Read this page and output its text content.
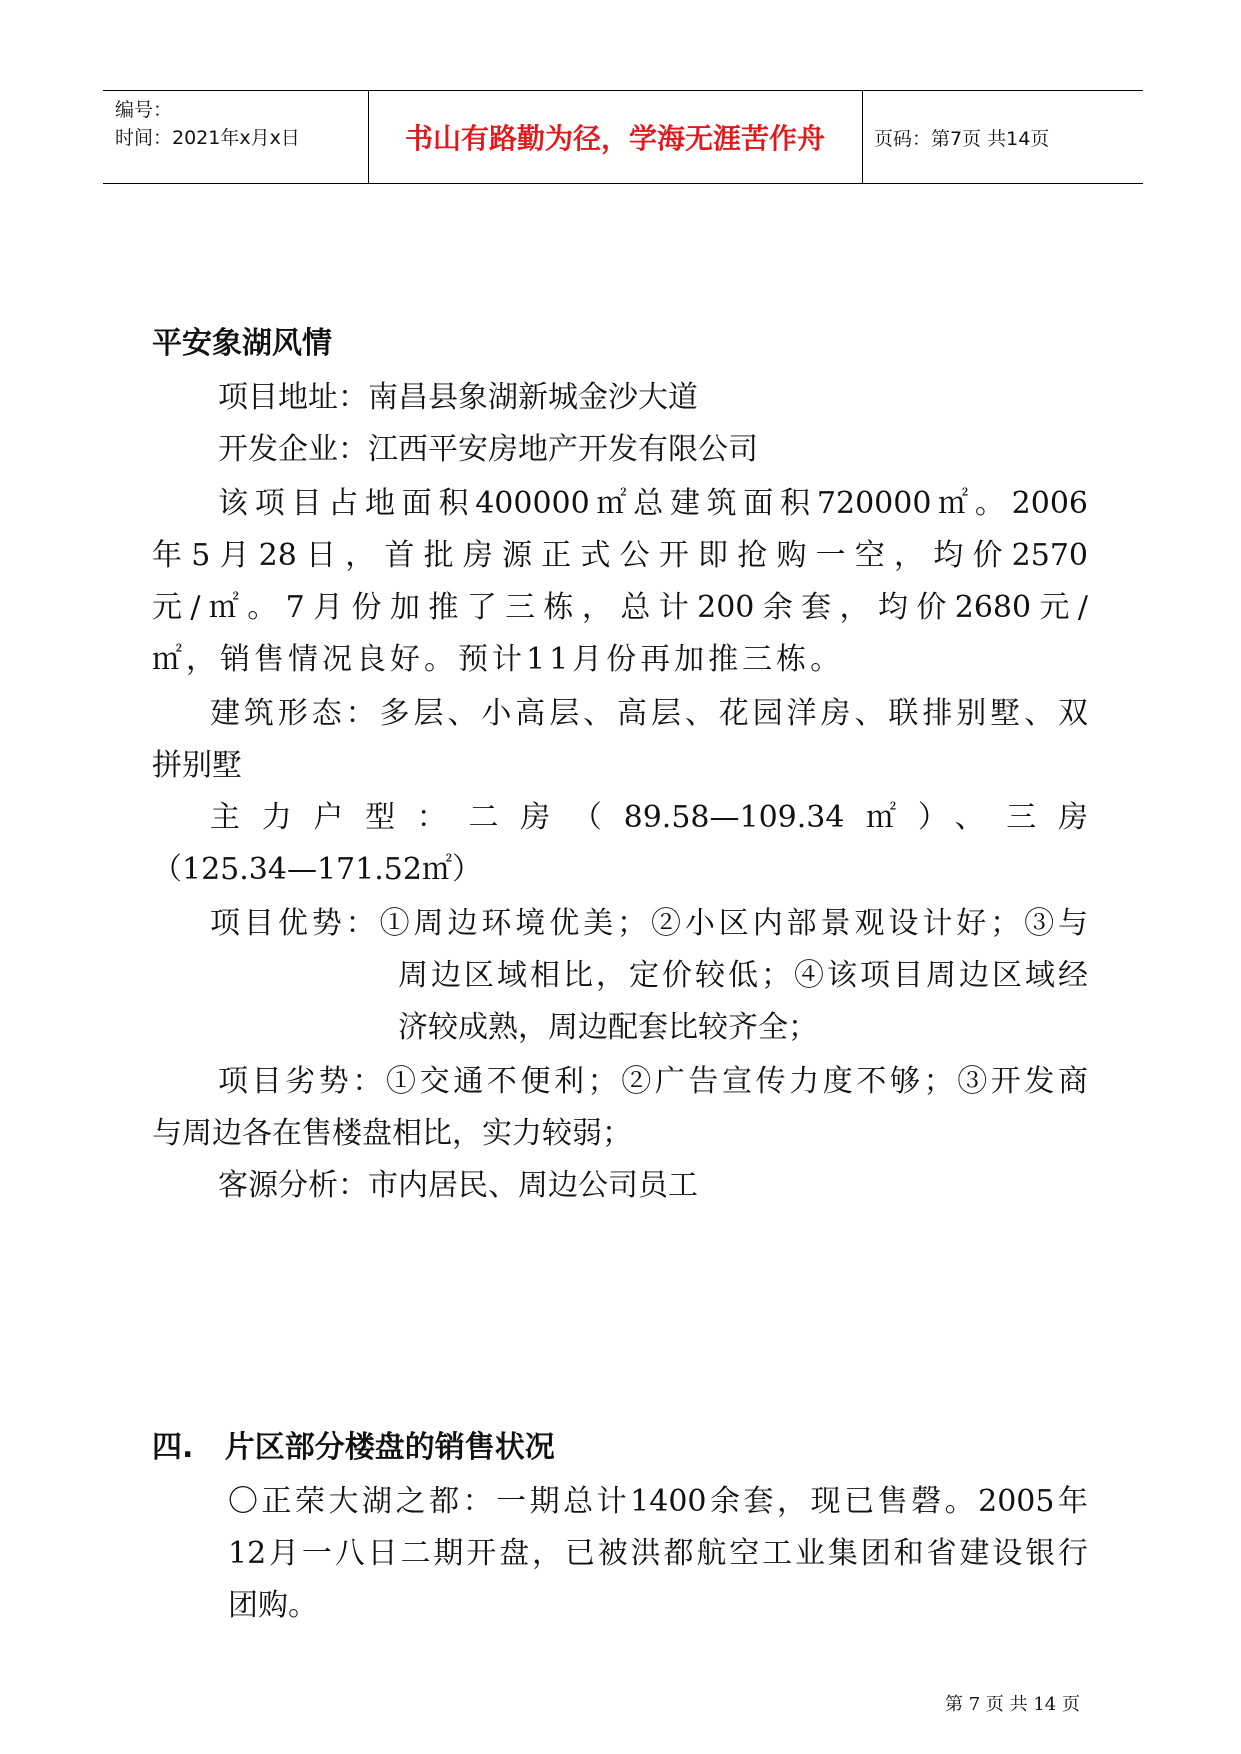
编号：
时间：2021年x月x日	书山有路勤为径，学海无涯苦作舟	页码：第7页 共14页
平安象湖风情
项目地址：南昌县象湖新城金沙大道
开发企业：江西平安房地产开发有限公司
该项目占地面积400000㎡总建筑面积720000㎡。2006
年5月28日，首批房源正式公开即抢购一空，均价2570
元/㎡。7月份加推了三栋，总计200余套，均价2680元/
㎡，销售情况良好。预计11月份再加推三栋。
建筑形态：多层、小高层、高层、花园洋房、联排别墅、双
拼别墅
主力户型：二房（89.58—109.34㎡）、三房
（125.34—171.52㎡）
项目优势：①周边环境优美；②小区内部景观设计好；③与
周边区域相比，定价较低；④该项目周边区域经
济较成熟，周边配套比较齐全；
项目劣势：①交通不便利；②广告宣传力度不够；③开发商
与周边各在售楼盘相比，实力较弱；
客源分析：市内居民、周边公司员工
四.   片区部分楼盘的销售状况
〇正荣大湖之都：一期总计1400余套，现已售磬。2005年
12月一八日二期开盘，已被洪都航空工业集团和省建设银行
团购。
第 7 页 共 14 页
